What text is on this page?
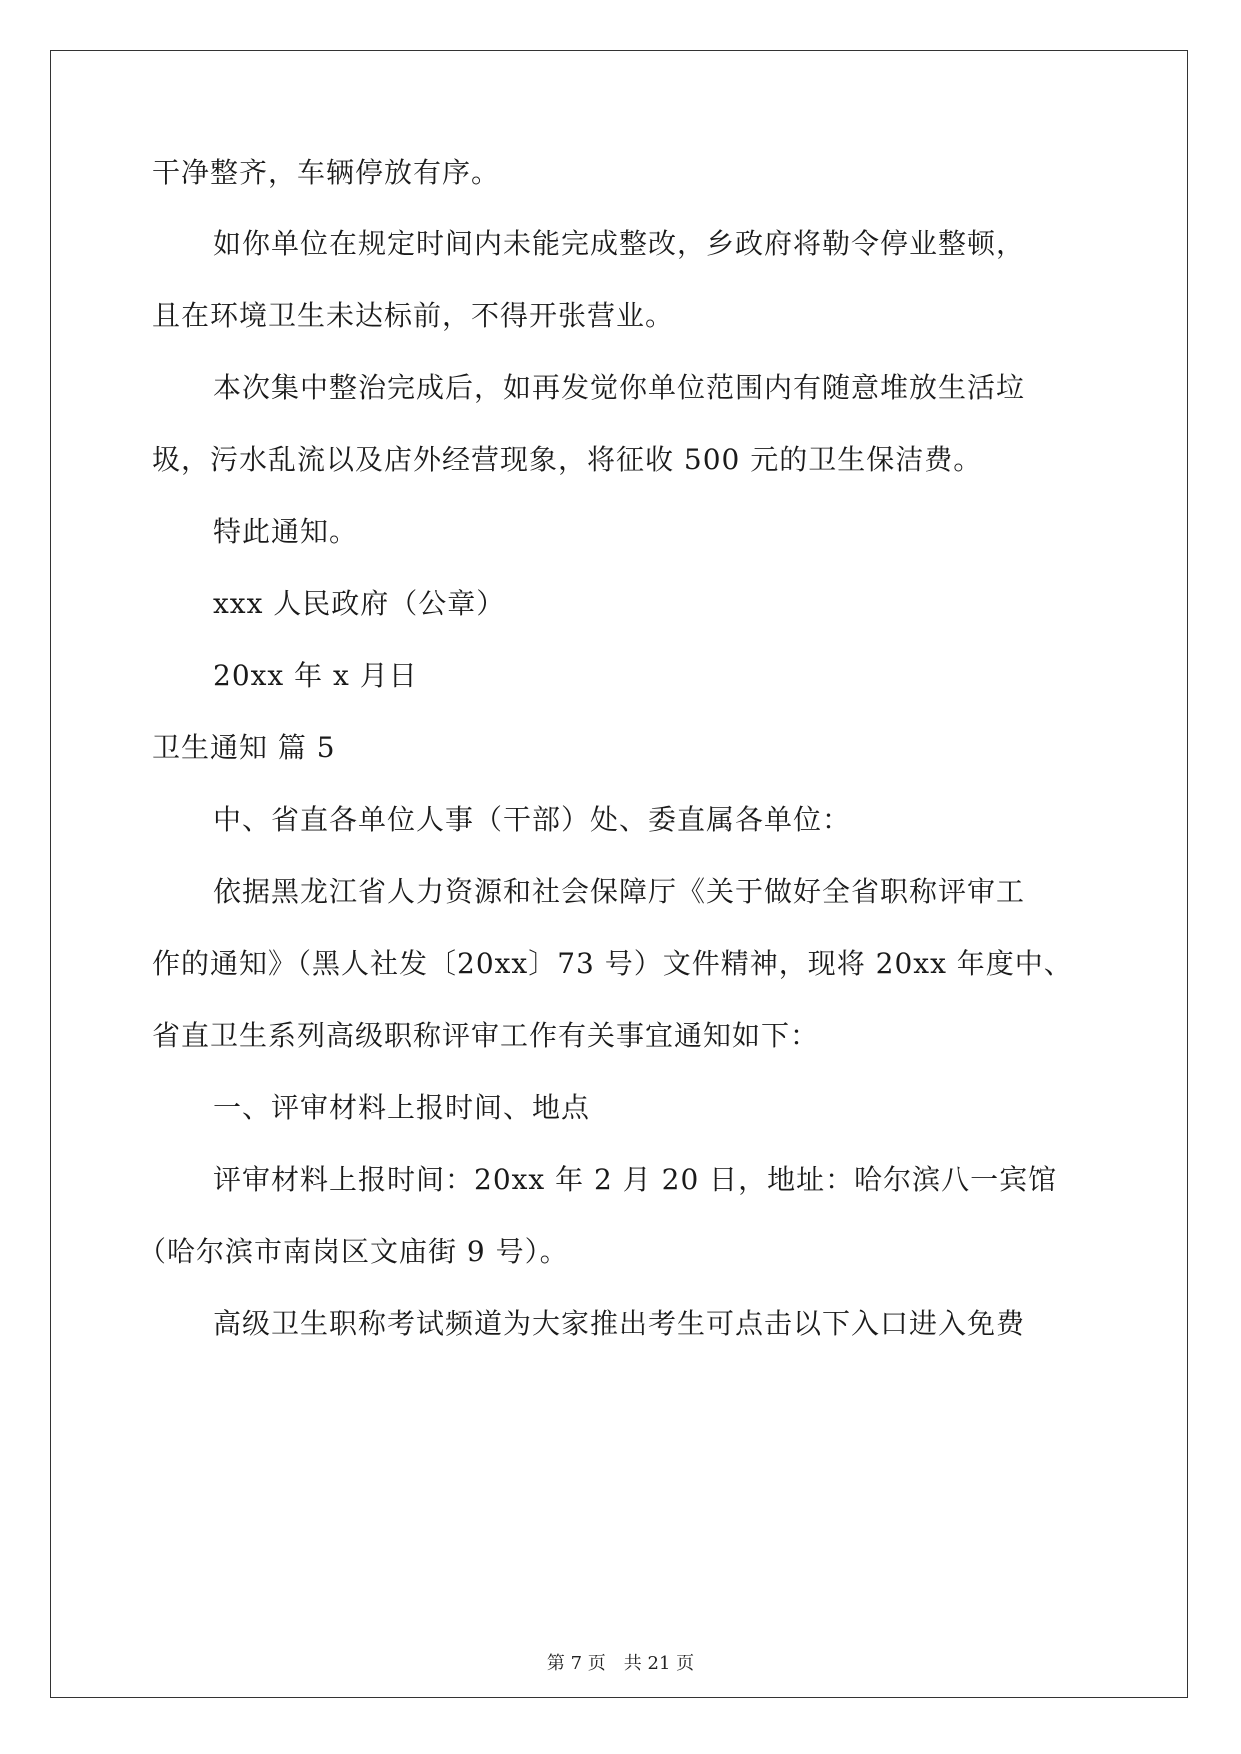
干净整齐，车辆停放有序。
如你单位在规定时间内未能完成整改，乡政府将勒令停业整顿，
且在环境卫生未达标前，不得开张营业。
本次集中整治完成后，如再发觉你单位范围内有随意堆放生活垃
圾，污水乱流以及店外经营现象，将征收 500 元的卫生保洁费。
特此通知。
xxx 人民政府（公章）
20xx 年 x 月日
卫生通知 篇 5
中、省直各单位人事（干部）处、委直属各单位：
依据黑龙江省人力资源和社会保障厅《关于做好全省职称评审工
作的通知》（黑人社发〔20xx〕73 号）文件精神，现将 20xx 年度中、
省直卫生系列高级职称评审工作有关事宜通知如下：
一、评审材料上报时间、地点
评审材料上报时间：20xx 年 2 月 20 日，地址：哈尔滨八一宾馆
（哈尔滨市南岗区文庙街 9 号）。
高级卫生职称考试频道为大家推出考生可点击以下入口进入免费
第 7 页　共 21 页
